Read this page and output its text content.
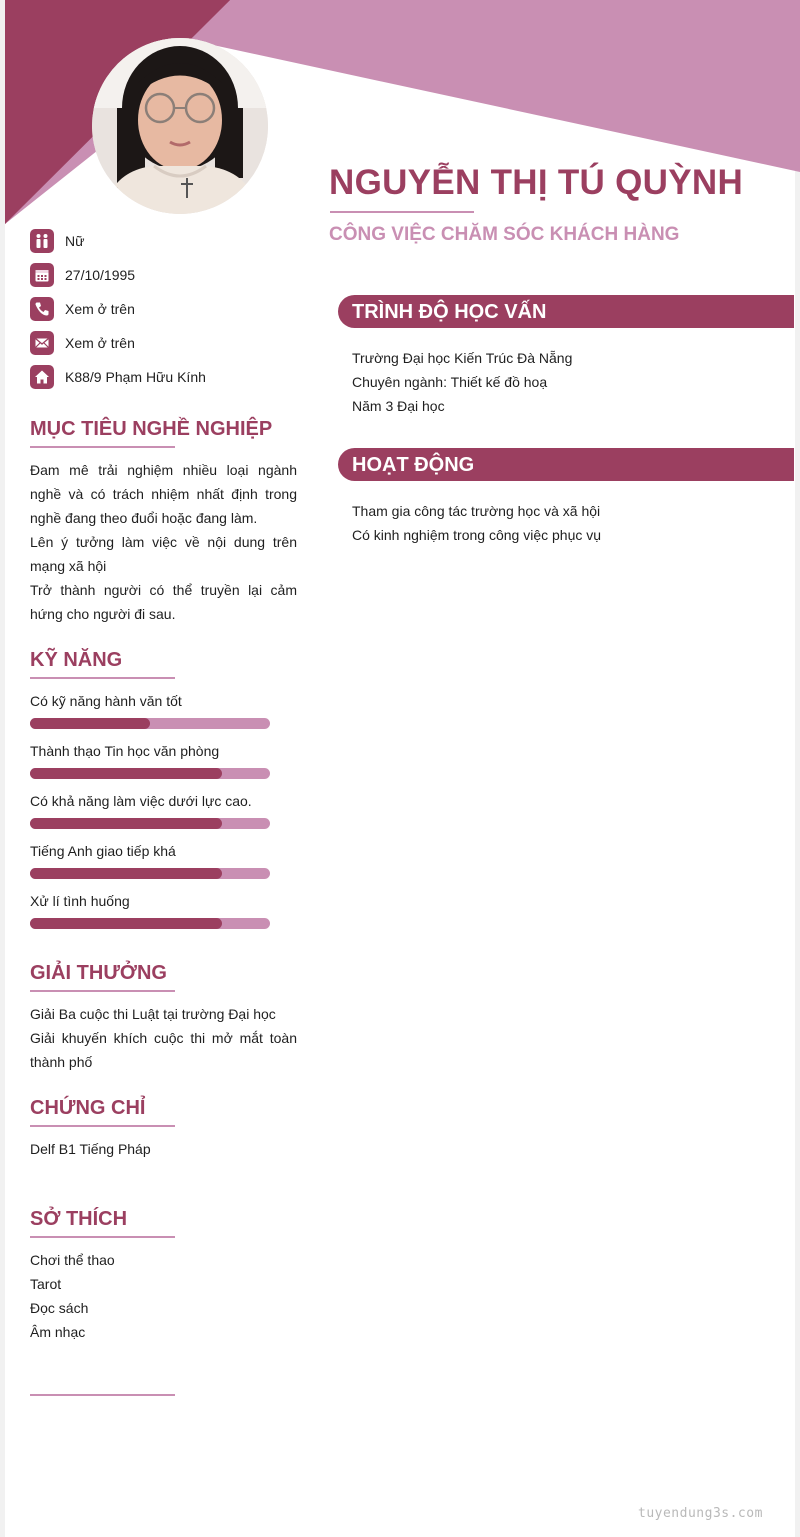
NGUYỄN THỊ TÚ QUỲNH
CÔNG VIỆC CHĂM SÓC KHÁCH HÀNG
Nữ
27/10/1995
Xem ở trên
Xem ở trên
K88/9 Phạm Hữu Kính
MỤC TIÊU NGHỀ NGHIỆP

Đam mê trải nghiệm nhiều loại ngành nghề và có trách nhiệm nhất định trong nghề đang theo đuổi hoặc đang làm.

Lên ý tưởng làm việc về nội dung trên mạng xã hội

Trở thành người có thể truyền lại cảm hứng cho người đi sau.

KỸ NĂNG
Có kỹ năng hành văn tốt
Thành thạo Tin học văn phòng
Có khả năng làm việc dưới lực cao.
Tiếng Anh giao tiếp khá
Xử lí tình huống
GIẢI THƯỞNG

Giải Ba cuộc thi Luật tại trường Đại học

Giải khuyến khích cuộc thi mở mắt toàn thành phố

CHỨNG CHỈ

Delf B1 Tiếng Pháp

SỞ THÍCH

Chơi thể thao

Tarot

Đọc sách

Âm nhạc

TRÌNH ĐỘ HỌC VẤN
Trường Đại học Kiến Trúc Đà Nẵng
Chuyên ngành: Thiết kế đồ hoạ
Năm 3 Đại học
HOẠT ĐỘNG
Tham gia công tác trường học và xã hội
Có kinh nghiệm trong công việc phục vụ
tuyendung3s.com
